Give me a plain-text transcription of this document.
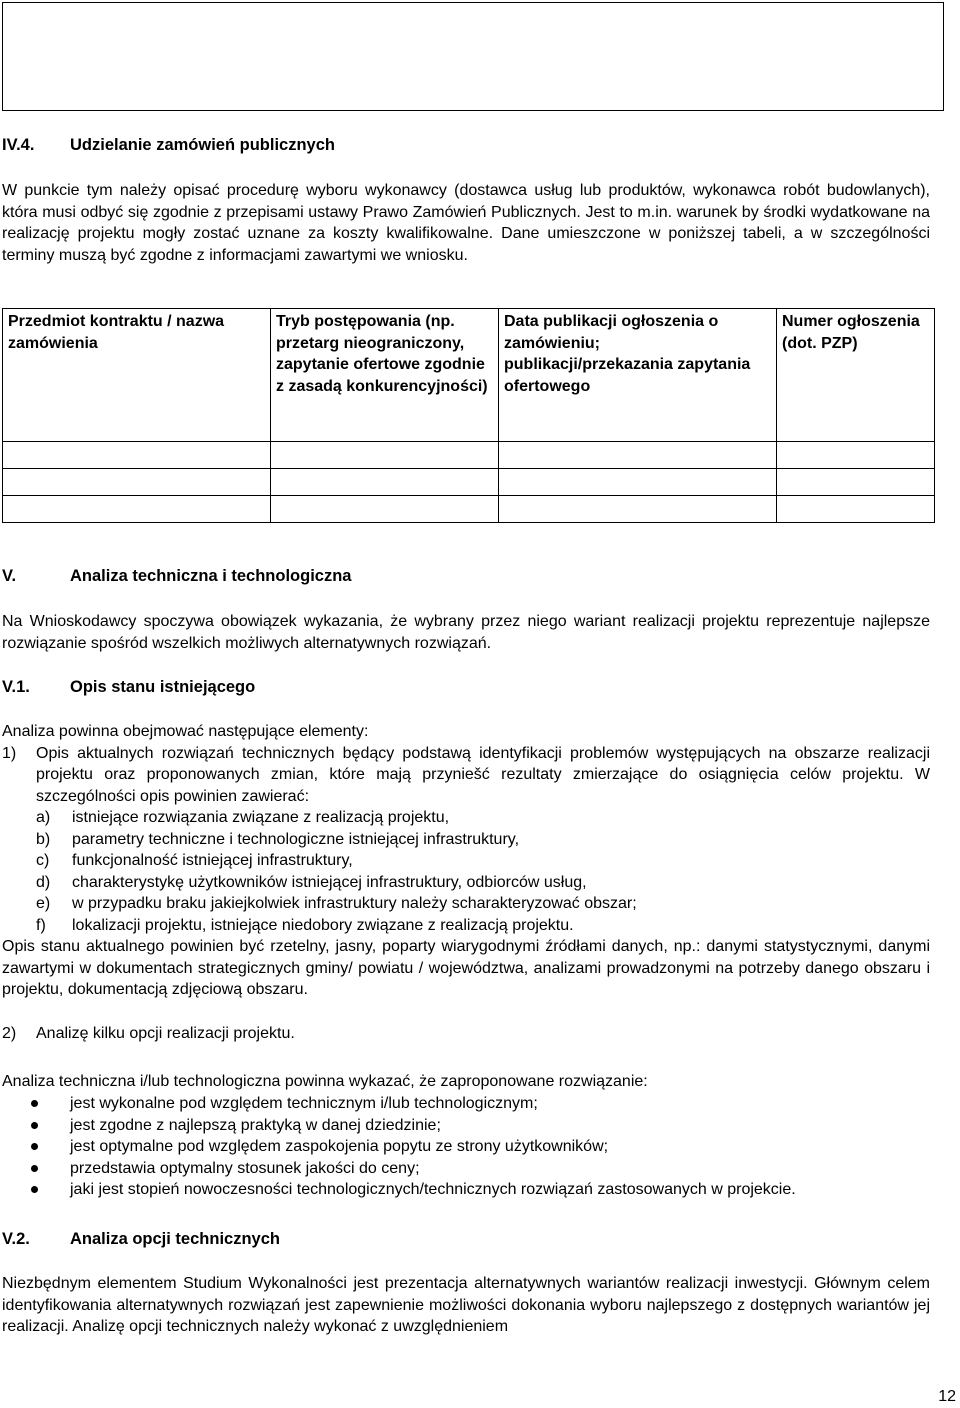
IV.4. Udzielanie zamówień publicznych

W punkcie tym należy opisać procedurę wyboru wykonawcy (dostawca usług lub produktów, wykonawca robót budowlanych), która musi odbyć się zgodnie z przepisami ustawy Prawo Zamówień Publicznych. Jest to m.in. warunek by środki wydatkowane na realizację projektu mogły zostać uznane za koszty kwalifikowalne. Dane umieszczone w poniższej tabeli, a w szczególności terminy muszą być zgodne z informacjami zawartymi we wniosku.

Przedmiot kontraktu / nazwa zamówienia	Tryb postępowania (np. przetarg nieograniczony, zapytanie ofertowe zgodnie z zasadą konkurencyjności)	Data publikacji ogłoszenia o zamówieniu; publikacji/przekazania zapytania ofertowego	Numer ogłoszenia (dot. PZP)

V.	Analiza techniczna i technologiczna

Na Wnioskodawcy spoczywa obowiązek wykazania, że wybrany przez niego wariant realizacji projektu reprezentuje najlepsze rozwiązanie spośród wszelkich możliwych alternatywnych rozwiązań.

V.1. Opis stanu istniejącego

Analiza powinna obejmować następujące elementy:

1) Opis aktualnych rozwiązań technicznych będący podstawą identyfikacji problemów występujących na obszarze realizacji projektu oraz proponowanych zmian, które mają przyniešć rezultaty zmierzające do osiągnięcia celów projektu. W szczególności opis powinien zawierać:
a) istniejące rozwiązania związane z realizacją projektu,
b) parametry techniczne i technologiczne istniejącej infrastruktury,
c) funkcjonalność istniejącej infrastruktury,
d) charakterystykę użytkowników istniejącej infrastruktury, odbiorców usług,
e) w przypadku braku jakiejkolwiek infrastruktury należy scharakteryzować obszar;
f) lokalizacji projektu, istniejące niedobory związane z realizacją projektu.

Opis stanu aktualnego powinien być rzetelny, jasny, poparty wiarygodnymi źródłami danych, np.: danymi statystycznymi, danymi zawartymi w dokumentach strategicznych gminy/ powiatu / województwa, analizami prowadzonymi na potrzeby danego obszaru i projektu, dokumentacją zdjęciową obszaru.

2) Analizę kilku opcji realizacji projektu.

Analiza techniczna i/lub technologiczna powinna wykazać, że zaproponowane rozwiązanie:

jest wykonalne pod względem technicznym i/lub technologicznym;
jest zgodne z najlepszą praktyką w danej dziedzinie;
jest optymalne pod względem zaspokojenia popytu ze strony użytkowników;
przedstawia optymalny stosunek jakości do ceny;
jaki jest stopień nowoczesności technologicznych/technicznych rozwiązań zastosowanych w projekcie.
V.2. Analiza opcji technicznych

Niezbędnym elementem Studium Wykonalności jest prezentacja alternatywnych wariantów realizacji inwestycji. Głównym celem identyfikowania alternatywnych rozwiązań jest zapewnienie możliwości dokonania wyboru najlepszego z dostępnych wariantów jej realizacji. Analizę opcji technicznych należy wykonać z uwzględnieniem

12
